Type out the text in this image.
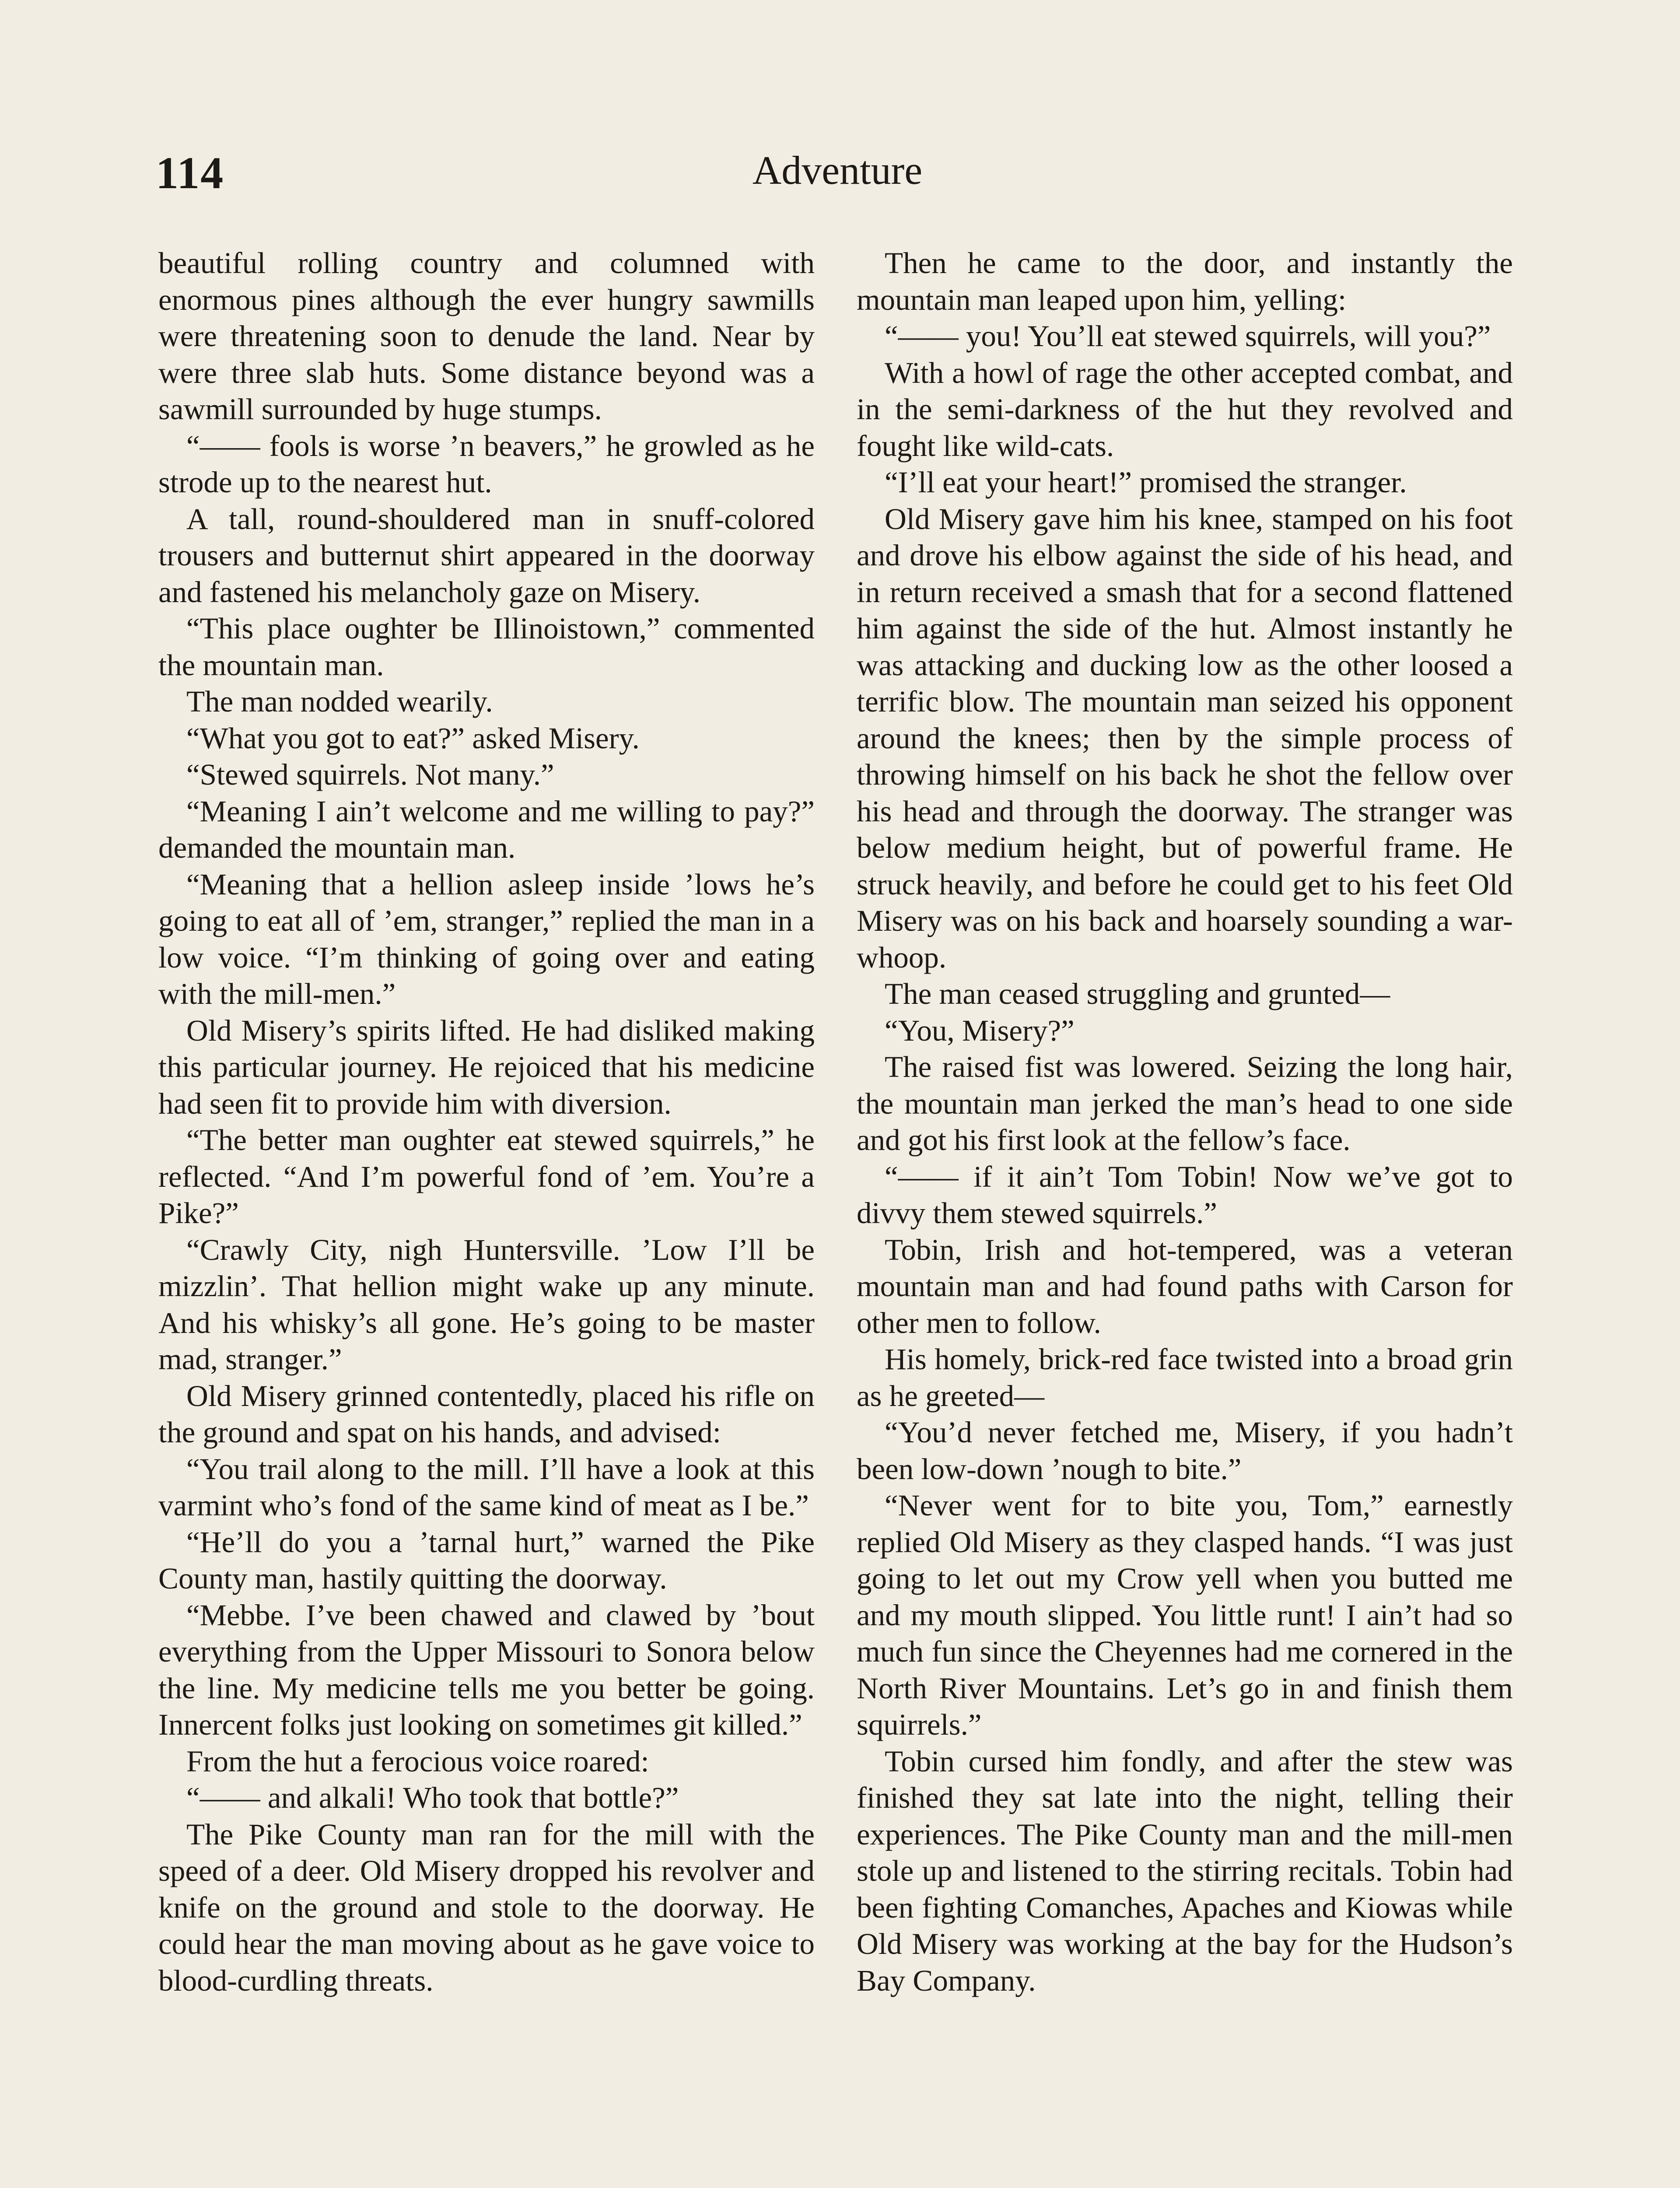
114	Adventure

beautiful rolling country and columned with enormous pines although the ever hungry sawmills were threatening soon to denude the land. Near by were three slab huts. Some distance beyond was a sawmill surrounded by huge stumps.

“—— fools is worse ’n beavers,” he growled as he strode up to the nearest hut.

A tall, round-shouldered man in snuff-colored trousers and butternut shirt appeared in the doorway and fastened his melancholy gaze on Misery.

“This place oughter be Illinoistown,” commented the mountain man.

The man nodded wearily.

“What you got to eat?” asked Misery.

“Stewed squirrels. Not many.”

“Meaning I ain’t welcome and me willing to pay?” demanded the mountain man.

“Meaning that a hellion asleep inside ’lows he’s going to eat all of ’em, stranger,” replied the man in a low voice. “I’m thinking of going over and eating with the mill-men.”

Old Misery’s spirits lifted. He had disliked making this particular journey. He rejoiced that his medicine had seen fit to provide him with diversion.

“The better man oughter eat stewed squirrels,” he reflected. “And I’m powerful fond of ’em. You’re a Pike?”

“Crawly City, nigh Huntersville. ’Low I’ll be mizzlin’. That hellion might wake up any minute. And his whisky’s all gone. He’s going to be master mad, stranger.”

Old Misery grinned contentedly, placed his rifle on the ground and spat on his hands, and advised:

“You trail along to the mill. I’ll have a look at this varmint who’s fond of the same kind of meat as I be.”

“He’ll do you a ’tarnal hurt,” warned the Pike County man, hastily quitting the doorway.

“Mebbe. I’ve been chawed and clawed by ’bout everything from the Upper Missouri to Sonora below the line. My medicine tells me you better be going. Innercent folks just looking on sometimes git killed.”

From the hut a ferocious voice roared:

“—— and alkali! Who took that bottle?”

The Pike County man ran for the mill with the speed of a deer. Old Misery dropped his revolver and knife on the ground and stole to the doorway. He could hear the man moving about as he gave voice to blood-curdling threats.

Then he came to the door, and instantly the mountain man leaped upon him, yelling:

“—— you! You’ll eat stewed squirrels, will you?”

With a howl of rage the other accepted combat, and in the semi-darkness of the hut they revolved and fought like wild-cats.

“I’ll eat your heart!” promised the stranger.

Old Misery gave him his knee, stamped on his foot and drove his elbow against the side of his head, and in return received a smash that for a second flattened him against the side of the hut. Almost instantly he was attacking and ducking low as the other loosed a terrific blow. The mountain man seized his opponent around the knees; then by the simple process of throwing himself on his back he shot the fellow over his head and through the doorway. The stranger was below medium height, but of powerful frame. He struck heavily, and before he could get to his feet Old Misery was on his back and hoarsely sounding a war-whoop.

The man ceased struggling and grunted—

“You, Misery?”

The raised fist was lowered. Seizing the long hair, the mountain man jerked the man’s head to one side and got his first look at the fellow’s face.

“—— if it ain’t Tom Tobin! Now we’ve got to divvy them stewed squirrels.”

Tobin, Irish and hot-tempered, was a veteran mountain man and had found paths with Carson for other men to follow.

His homely, brick-red face twisted into a broad grin as he greeted—

“You’d never fetched me, Misery, if you hadn’t been low-down ’nough to bite.”

“Never went for to bite you, Tom,” earnestly replied Old Misery as they clasped hands. “I was just going to let out my Crow yell when you butted me and my mouth slipped. You little runt! I ain’t had so much fun since the Cheyennes had me cornered in the North River Mountains. Let’s go in and finish them squirrels.”

Tobin cursed him fondly, and after the stew was finished they sat late into the night, telling their experiences. The Pike County man and the mill-men stole up and listened to the stirring recitals. Tobin had been fighting Comanches, Apaches and Kiowas while Old Misery was working at the bay for the Hudson’s Bay Company.
